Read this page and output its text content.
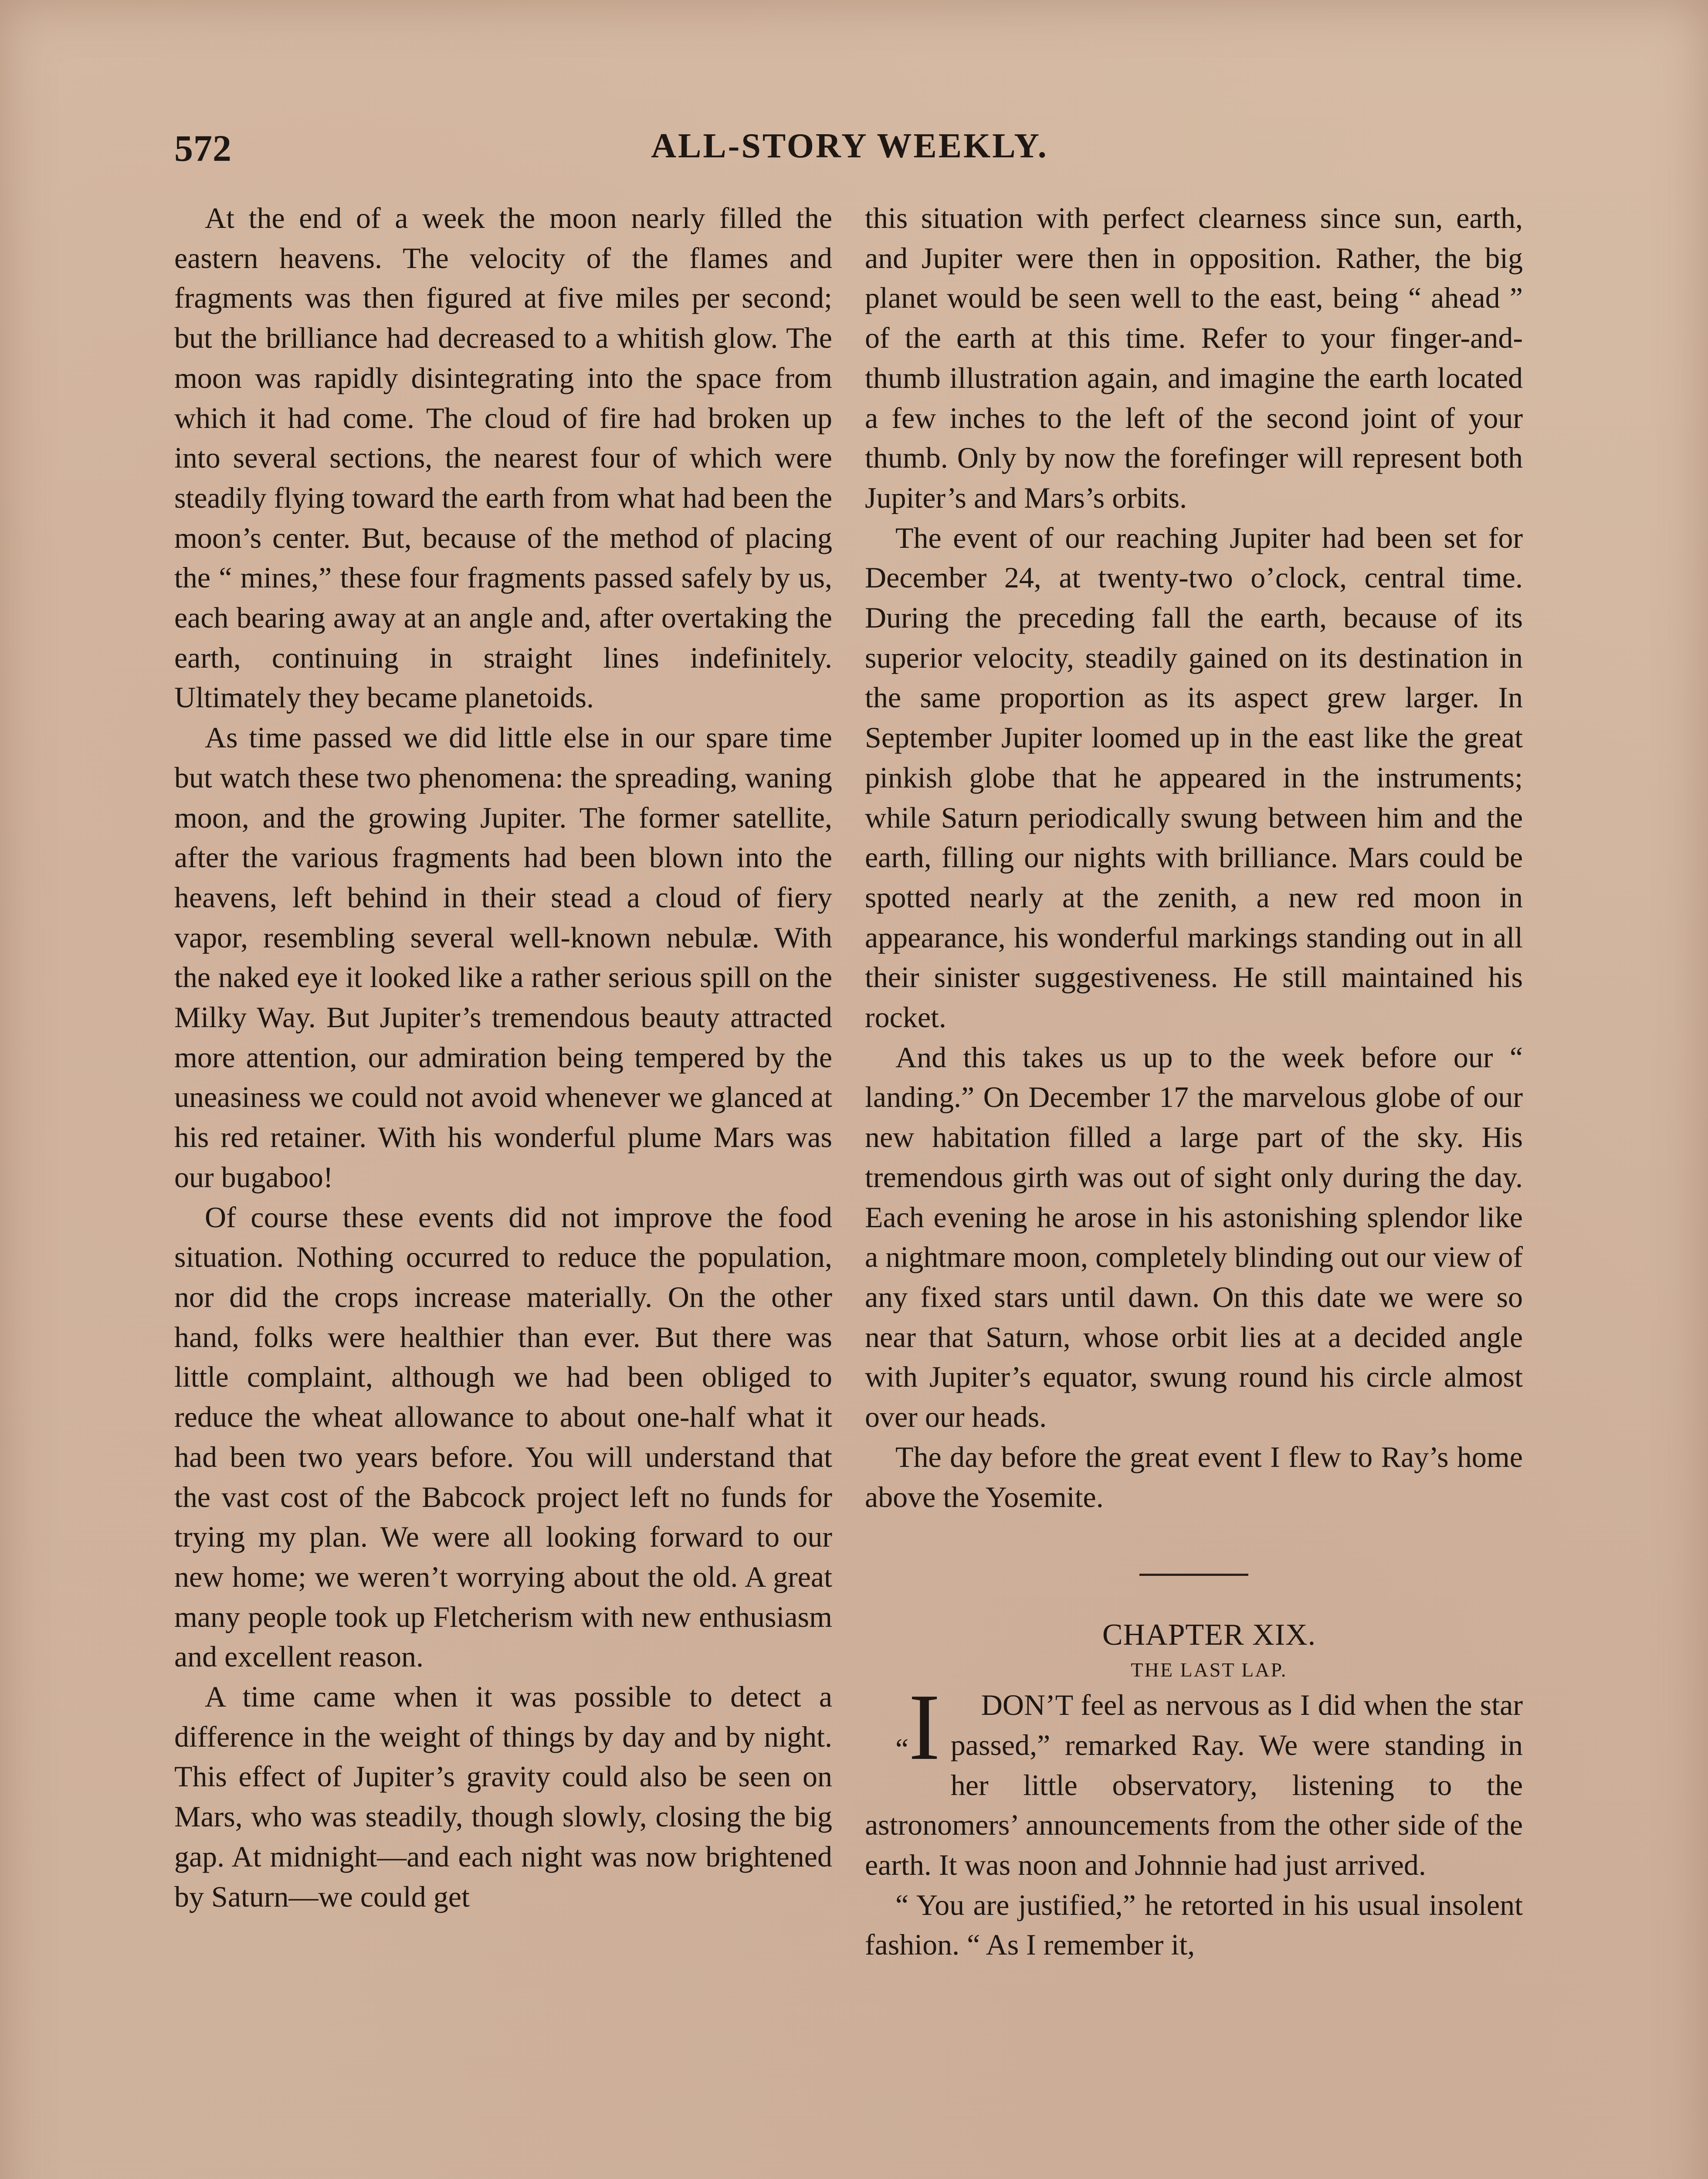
572	ALL-STORY WEEKLY.

At the end of a week the moon nearly filled the eastern heavens. The velocity of the flames and fragments was then figured at five miles per second; but the brilliance had decreased to a whitish glow. The moon was rapidly disintegrating into the space from which it had come. The cloud of fire had broken up into several sections, the nearest four of which were steadily flying toward the earth from what had been the moon’s center. But, because of the method of placing the “ mines,” these four fragments passed safely by us, each bearing away at an angle and, after overtaking the earth, continuing in straight lines indefinitely. Ultimately they became planetoids.

As time passed we did little else in our spare time but watch these two phenomena: the spreading, waning moon, and the growing Jupiter. The former satellite, after the various fragments had been blown into the heavens, left behind in their stead a cloud of fiery vapor, resembling several well-known nebulæ. With the naked eye it looked like a rather serious spill on the Milky Way. But Jupiter’s tremendous beauty attracted more attention, our admiration being tempered by the uneasiness we could not avoid whenever we glanced at his red retainer. With his wonderful plume Mars was our bugaboo!

Of course these events did not improve the food situation. Nothing occurred to reduce the population, nor did the crops increase materially. On the other hand, folks were healthier than ever. But there was little complaint, although we had been obliged to reduce the wheat allowance to about one-half what it had been two years before. You will understand that the vast cost of the Babcock project left no funds for trying my plan. We were all looking forward to our new home; we weren’t worrying about the old. A great many people took up Fletcherism with new enthusiasm and excellent reason.

A time came when it was possible to detect a difference in the weight of things by day and by night. This effect of Jupiter’s gravity could also be seen on Mars, who was steadily, though slowly, closing the big gap. At midnight—and each night was now brightened by Saturn—we could get

this situation with perfect clearness since sun, earth, and Jupiter were then in opposition. Rather, the big planet would be seen well to the east, being “ ahead ” of the earth at this time. Refer to your finger-and-thumb illustration again, and imagine the earth located a few inches to the left of the second joint of your thumb. Only by now the forefinger will represent both Jupiter’s and Mars’s orbits.

The event of our reaching Jupiter had been set for December 24, at twenty-two o’clock, central time. During the preceding fall the earth, because of its superior velocity, steadily gained on its destination in the same proportion as its aspect grew larger. In September Jupiter loomed up in the east like the great pinkish globe that he appeared in the instruments; while Saturn periodically swung between him and the earth, filling our nights with brilliance. Mars could be spotted nearly at the zenith, a new red moon in appearance, his wonderful markings standing out in all their sinister suggestiveness. He still maintained his rocket.

And this takes us up to the week before our “ landing.” On December 17 the marvelous globe of our new habitation filled a large part of the sky. His tremendous girth was out of sight only during the day. Each evening he arose in his astonishing splendor like a nightmare moon, completely blinding out our view of any fixed stars until dawn. On this date we were so near that Saturn, whose orbit lies at a decided angle with Jupiter’s equator, swung round his circle almost over our heads.

The day before the great event I flew to Ray’s home above the Yosemite.

CHAPTER XIX.

THE LAST LAP.

“I DON’T feel as nervous as I did when the star passed,” remarked Ray. We were standing in her little observatory, listening to the astronomers’ announcements from the other side of the earth. It was noon and Johnnie had just arrived.

“ You are justified,” he retorted in his usual insolent fashion. “ As I remember it,
